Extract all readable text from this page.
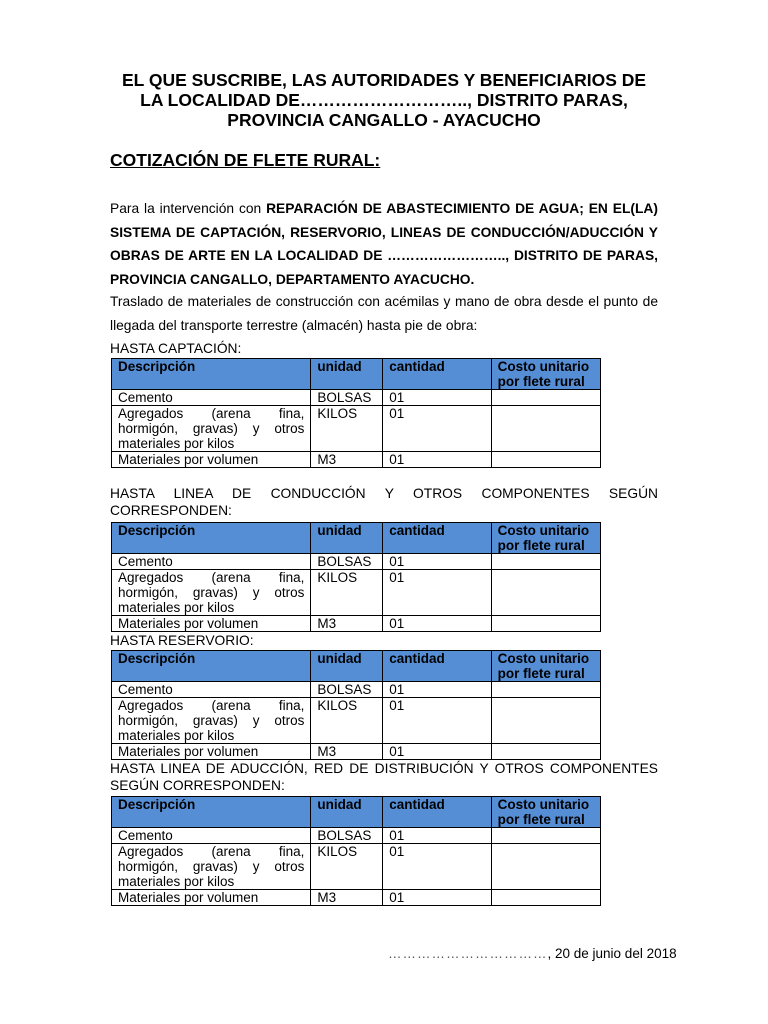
EL QUE SUSCRIBE, LAS AUTORIDADES Y BENEFICIARIOS DE
LA LOCALIDAD DE……………………….., DISTRITO PARAS,
PROVINCIA CANGALLO - AYACUCHO
COTIZACIÓN DE FLETE RURAL:
Para la intervención con REPARACIÓN DE ABASTECIMIENTO DE AGUA; EN EL(LA) SISTEMA DE CAPTACIÓN, RESERVORIO, LINEAS DE CONDUCCIÓN/ADUCCIÓN Y OBRAS DE ARTE EN LA LOCALIDAD DE …………………….., DISTRITO DE PARAS, PROVINCIA CANGALLO, DEPARTAMENTO AYACUCHO.
Traslado de materiales de construcción con acémilas y mano de obra desde el punto de llegada del transporte terrestre (almacén) hasta pie de obra:
HASTA CAPTACIÓN:
Descripción	unidad	cantidad	Costo unitario por flete rural
Cemento	BOLSAS	01	
Agregados (arena fina, hormigón, gravas) y otros materiales por kilos	KILOS	01	
Materiales por volumen	M3	01	
HASTA LINEA DE CONDUCCIÓN Y OTROS COMPONENTES SEGÚN CORRESPONDEN:
Descripción	unidad	cantidad	Costo unitario por flete rural
Cemento	BOLSAS	01	
Agregados (arena fina, hormigón, gravas) y otros materiales por kilos	KILOS	01	
Materiales por volumen	M3	01	
HASTA RESERVORIO:
Descripción	unidad	cantidad	Costo unitario por flete rural
Cemento	BOLSAS	01	
Agregados (arena fina, hormigón, gravas) y otros materiales por kilos	KILOS	01	
Materiales por volumen	M3	01	
HASTA LINEA DE ADUCCIÓN, RED DE DISTRIBUCIÓN Y OTROS COMPONENTES SEGÚN CORRESPONDEN:
Descripción	unidad	cantidad	Costo unitario por flete rural
Cemento	BOLSAS	01	
Agregados (arena fina, hormigón, gravas) y otros materiales por kilos	KILOS	01	
Materiales por volumen	M3	01	
……………………………, 20 de junio del 2018
